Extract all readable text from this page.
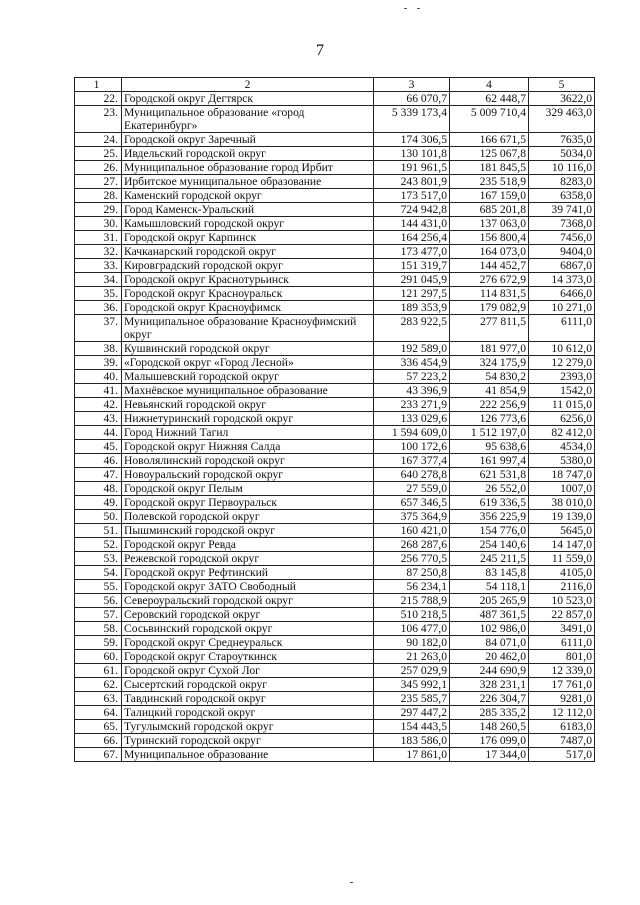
7
1	2	3	4	5
22.	Городской округ Дегтярск	66 070,7	62 448,7	3622,0
23.	Муниципальное образование «город Екатеринбург»	5 339 173,4	5 009 710,4	329 463,0
24.	Городской округ Заречный	174 306,5	166 671,5	7635,0
25.	Ивдельский городской округ	130 101,8	125 067,8	5034,0
26.	Муниципальное образование город Ирбит	191 961,5	181 845,5	10 116,0
27.	Ирбитское муниципальное образование	243 801,9	235 518,9	8283,0
28.	Каменский городской округ	173 517,0	167 159,0	6358,0
29.	Город Каменск-Уральский	724 942,8	685 201,8	39 741,0
30.	Камышловский городской округ	144 431,0	137 063,0	7368,0
31.	Городской округ Карпинск	164 256,4	156 800,4	7456,0
32.	Качканарский городской округ	173 477,0	164 073,0	9404,0
33.	Кировградский городской округ	151 319,7	144 452,7	6867,0
34.	Городской округ Краснотурьинск	291 045,9	276 672,9	14 373,0
35.	Городской округ Красноуральск	121 297,5	114 831,5	6466,0
36.	Городской округ Красноуфимск	189 353,9	179 082,9	10 271,0
37.	Муниципальное образование Красноуфимский округ	283 922,5	277 811,5	6111,0
38.	Кушвинский городской округ	192 589,0	181 977,0	10 612,0
39.	«Городской округ «Город Лесной»	336 454,9	324 175,9	12 279,0
40.	Малышевский городской округ	57 223,2	54 830,2	2393,0
41.	Махнёвское муниципальное образование	43 396,9	41 854,9	1542,0
42.	Невьянский городской округ	233 271,9	222 256,9	11 015,0
43.	Нижнетуринский городской округ	133 029,6	126 773,6	6256,0
44.	Город Нижний Тагил	1 594 609,0	1 512 197,0	82 412,0
45.	Городской округ Нижняя Салда	100 172,6	95 638,6	4534,0
46.	Новолялинский городской округ	167 377,4	161 997,4	5380,0
47.	Новоуральский городской округ	640 278,8	621 531,8	18 747,0
48.	Городской округ Пелым	27 559,0	26 552,0	1007,0
49.	Городской округ Первоуральск	657 346,5	619 336,5	38 010,0
50.	Полевской городской округ	375 364,9	356 225,9	19 139,0
51.	Пышминский городской округ	160 421,0	154 776,0	5645,0
52.	Городской округ Ревда	268 287,6	254 140,6	14 147,0
53.	Режевской городской округ	256 770,5	245 211,5	11 559,0
54.	Городской округ Рефтинский	87 250,8	83 145,8	4105,0
55.	Городской округ ЗАТО Свободный	56 234,1	54 118,1	2116,0
56.	Североуральский городской округ	215 788,9	205 265,9	10 523,0
57.	Серовский городской округ	510 218,5	487 361,5	22 857,0
58.	Сосьвинский городской округ	106 477,0	102 986,0	3491,0
59.	Городской округ Среднеуральск	90 182,0	84 071,0	6111,0
60.	Городской округ Староуткинск	21 263,0	20 462,0	801,0
61.	Городской округ Сухой Лог	257 029,9	244 690,9	12 339,0
62.	Сысертский городской округ	345 992,1	328 231,1	17 761,0
63.	Тавдинский городской округ	235 585,7	226 304,7	9281,0
64.	Талицкий городской округ	297 447,2	285 335,2	12 112,0
65.	Тугулымский городской округ	154 443,5	148 260,5	6183,0
66.	Туринский городской округ	183 586,0	176 099,0	7487,0
67.	Муниципальное образование	17 861,0	17 344,0	517,0
